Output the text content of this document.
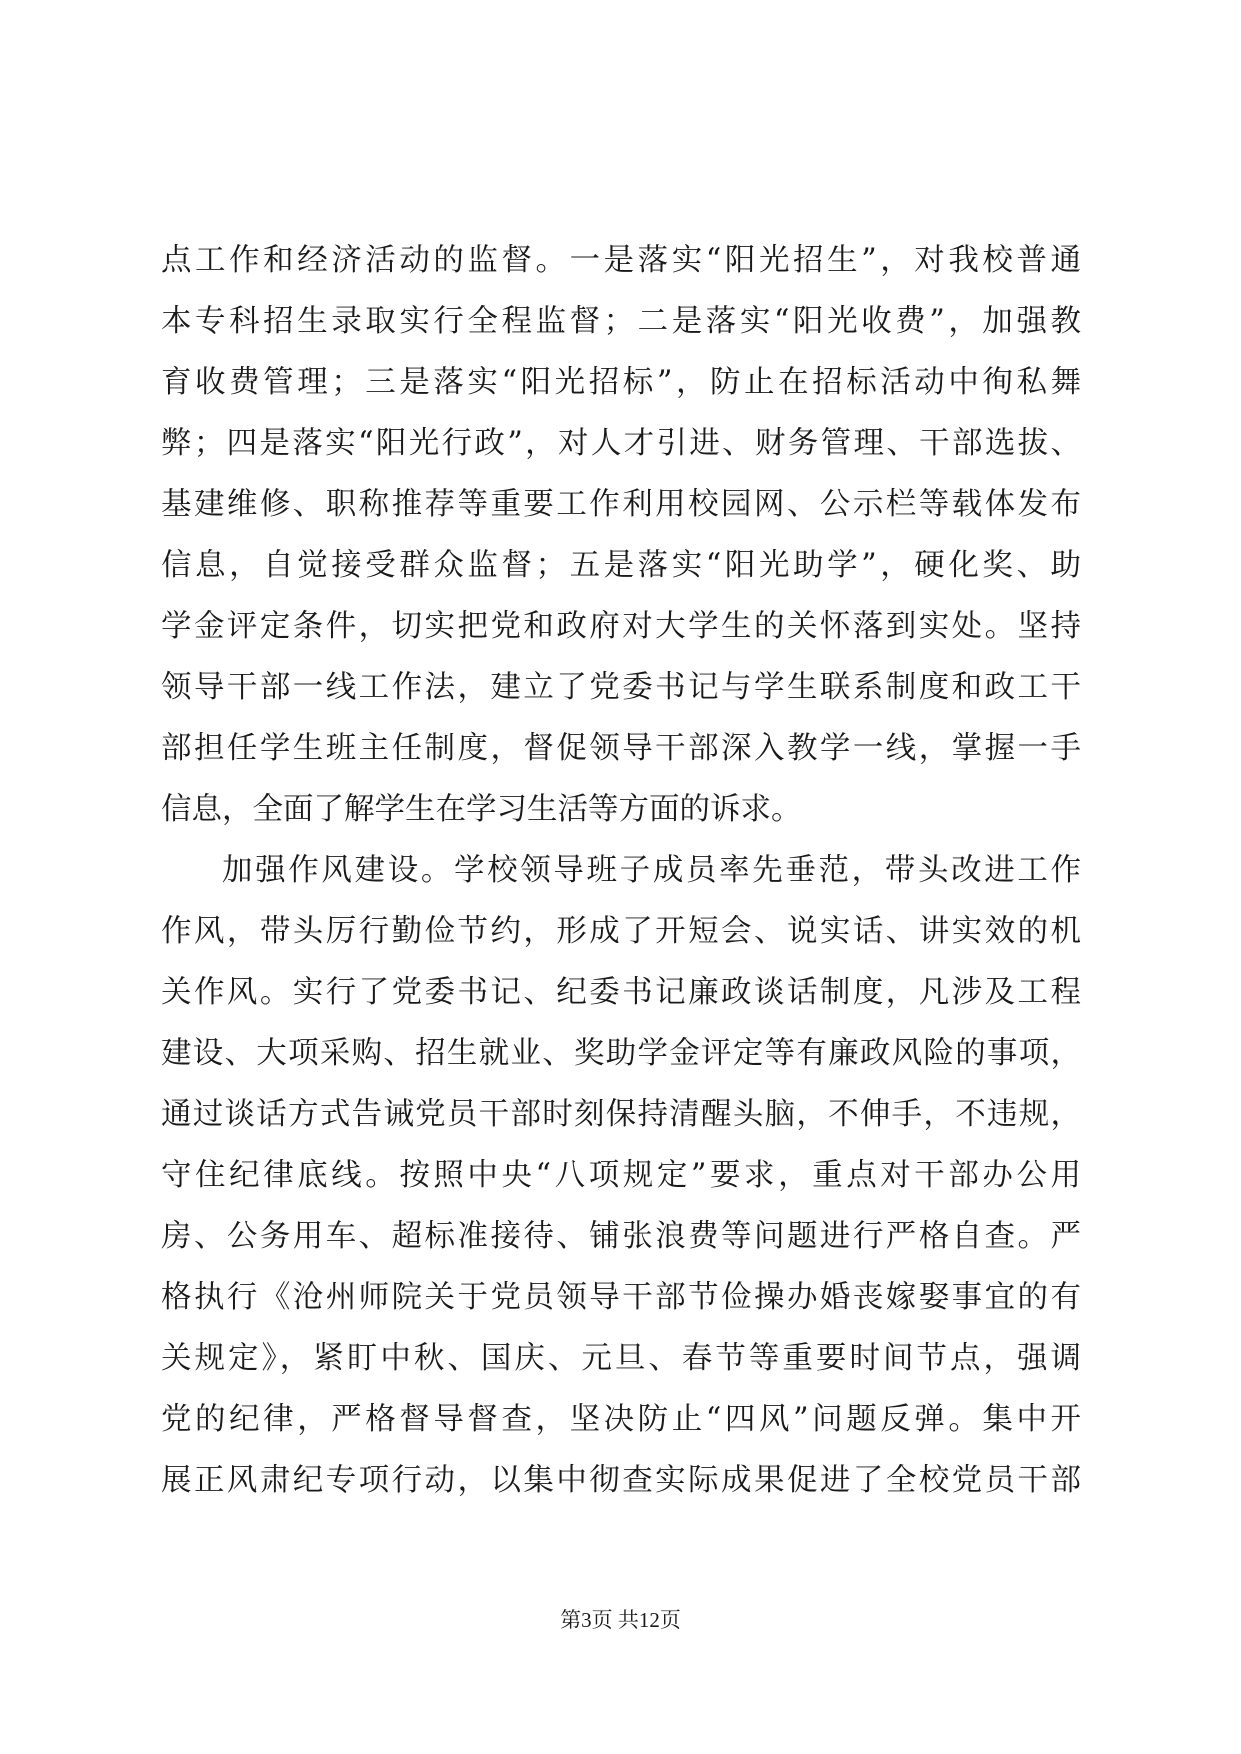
点工作和经济活动的监督。一是落实“阳光招生”，对我校普通
本专科招生录取实行全程监督；二是落实“阳光收费”，加强教
育收费管理；三是落实“阳光招标”，防止在招标活动中徇私舞
弊；四是落实“阳光行政”，对人才引进、财务管理、干部选拔、
基建维修、职称推荐等重要工作利用校园网、公示栏等载体发布
信息，自觉接受群众监督；五是落实“阳光助学”，硬化奖、助
学金评定条件，切实把党和政府对大学生的关怀落到实处。坚持
领导干部一线工作法，建立了党委书记与学生联系制度和政工干
部担任学生班主任制度，督促领导干部深入教学一线，掌握一手
信息，全面了解学生在学习生活等方面的诉求。
加强作风建设。学校领导班子成员率先垂范，带头改进工作
作风，带头厉行勤俭节约，形成了开短会、说实话、讲实效的机
关作风。实行了党委书记、纪委书记廉政谈话制度，凡涉及工程
建设、大项采购、招生就业、奖助学金评定等有廉政风险的事项，
通过谈话方式告诫党员干部时刻保持清醒头脑，不伸手，不违规，
守住纪律底线。按照中央“八项规定”要求，重点对干部办公用
房、公务用车、超标准接待、铺张浪费等问题进行严格自查。严
格执行《沧州师院关于党员领导干部节俭操办婚丧嫁娶事宜的有
关规定》，紧盯中秋、国庆、元旦、春节等重要时间节点，强调
党的纪律，严格督导督查，坚决防止“四风”问题反弹。集中开
展正风肃纪专项行动，以集中彻查实际成果促进了全校党员干部
第3页 共12页
